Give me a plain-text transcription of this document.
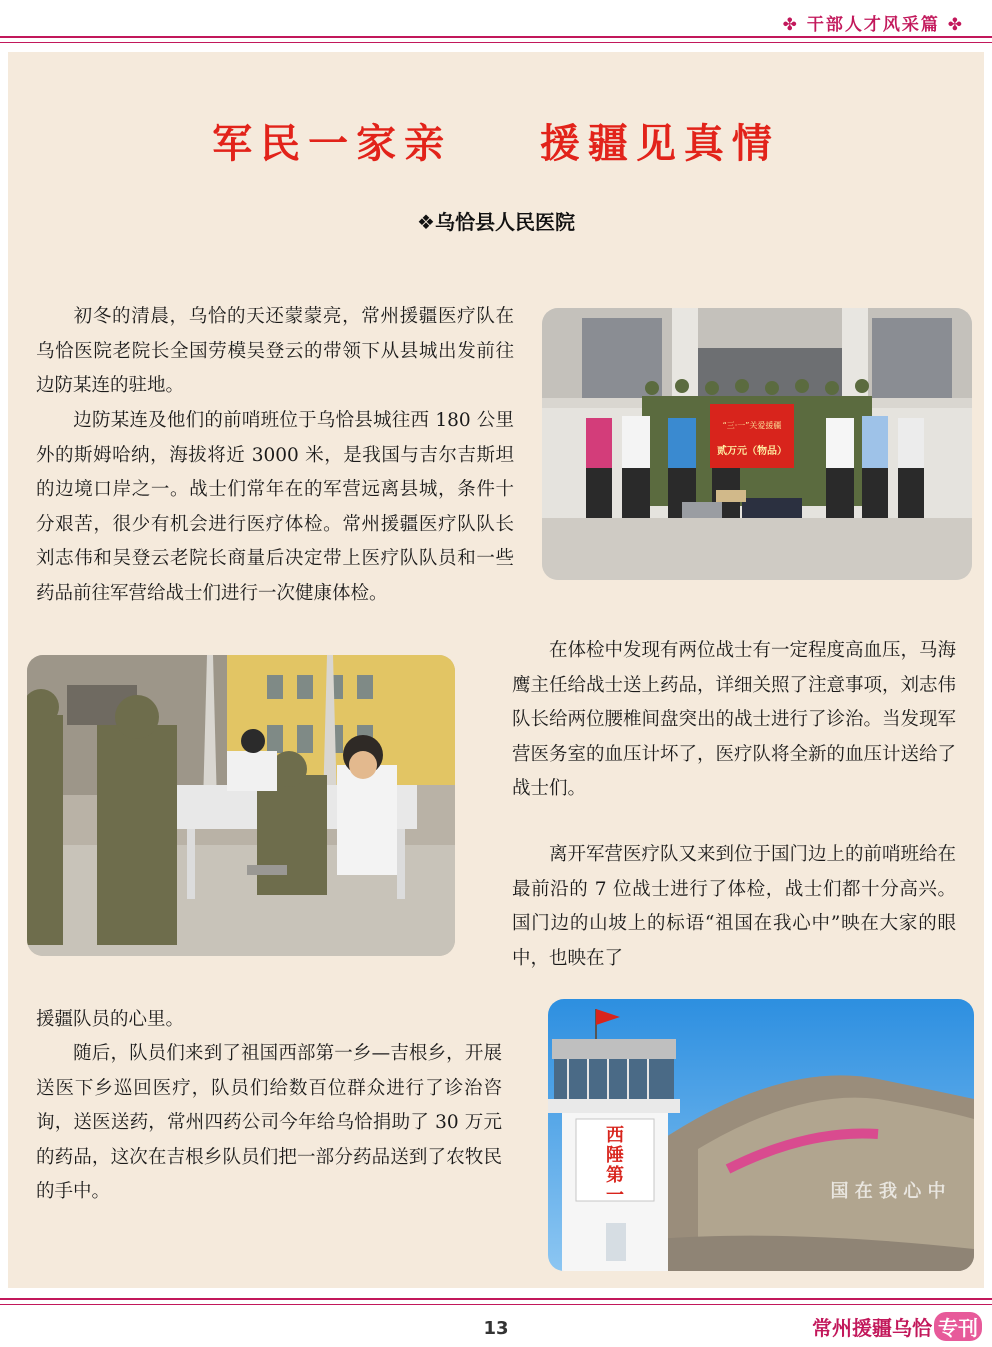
✤ 干部人才风采篇 ✤
军民一家亲    援疆见真情
❖乌恰县人民医院

初冬的清晨，乌恰的天还蒙蒙亮，常州援疆医疗队在乌恰医院老院长全国劳模吴登云的带领下从县城出发前往边防某连的驻地。

边防某连及他们的前哨班位于乌恰县城往西 180 公里外的斯姆哈纳，海拔将近 3000 米，是我国与吉尔吉斯坦的边境口岸之一。战士们常年在的军营远离县城，条件十分艰苦，很少有机会进行医疗体检。常州援疆医疗队队长刘志伟和吴登云老院长商量后决定带上医疗队队员和一些药品前往军营给战士们进行一次健康体检。

在体检中发现有两位战士有一定程度高血压，马海鹰主任给战士送上药品，详细关照了注意事项，刘志伟队长给两位腰椎间盘突出的战士进行了诊治。当发现军营医务室的血压计坏了，医疗队将全新的血压计送给了战士们。

离开军营医疗队又来到位于国门边上的前哨班给在最前沿的 7 位战士进行了体检，战士们都十分高兴。国门边的山坡上的标语“祖国在我心中”映在大家的眼中，也映在了

援疆队员的心里。

随后，队员们来到了祖国西部第一乡—吉根乡，开展送医下乡巡回医疗，队员们给数百位群众进行了诊治咨询，送医送药，常州四药公司今年给乌恰捐助了 30 万元的药品，这次在吉根乡队员们把一部分药品送到了农牧民的手中。

“三·一”关爱援疆
贰万元（物品）
国 在 我 心 中
西陲第一
13	常州援疆乌恰 专刊
